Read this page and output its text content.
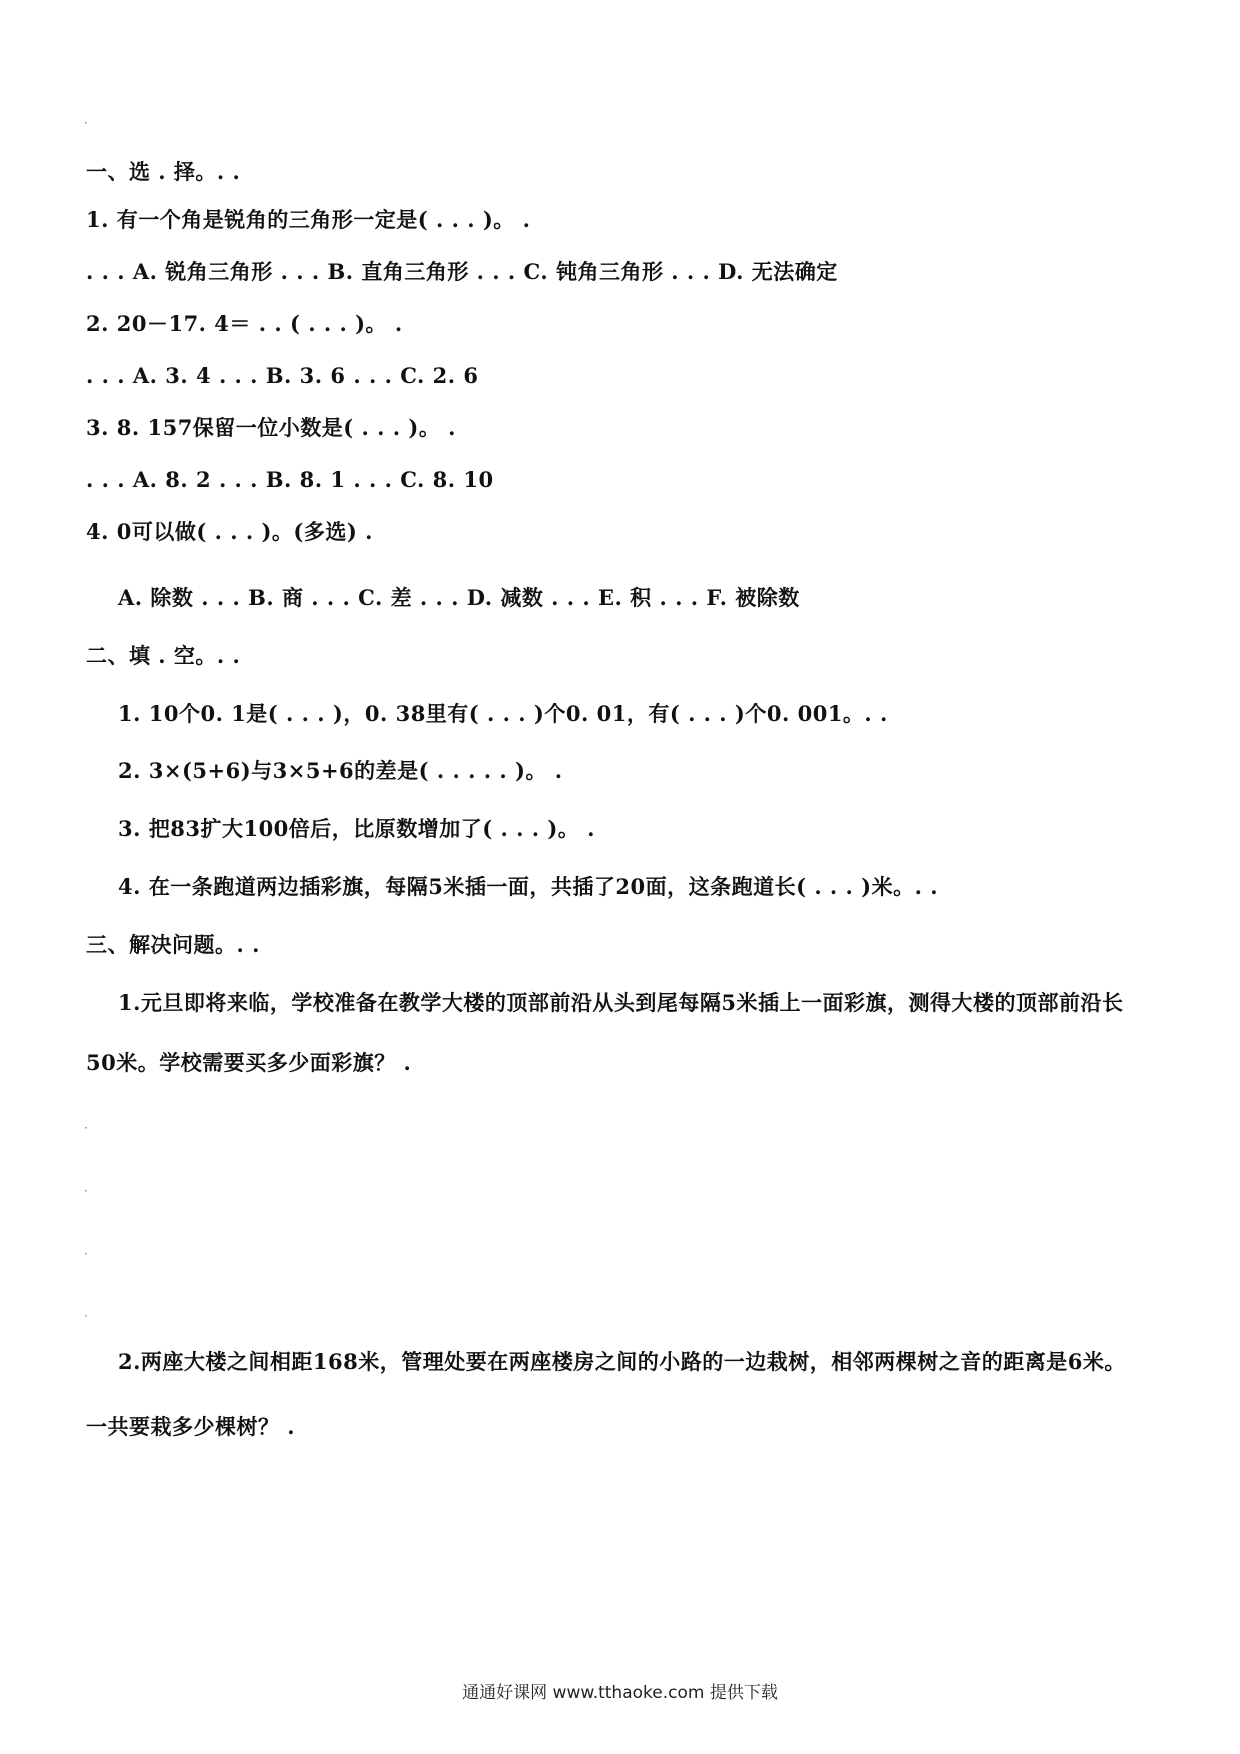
·
一、选 . 择。. .
1. 有一个角是锐角的三角形一定是( . . . )。 .
. . . A. 锐角三角形 . . . B. 直角三角形 . . . C. 钝角三角形 . . . D. 无法确定
2. 20－17. 4＝ . . ( . . . )。 .
. . . A. 3. 4 . . . B. 3. 6 . . . C. 2. 6
3. 8. 157保留一位小数是( . . . )。 .
. . . A. 8. 2 . . . B. 8. 1 . . . C. 8. 10
4. 0可以做( . . . )。(多选) .
A. 除数 . . . B. 商 . . . C. 差 . . . D. 减数 . . . E. 积 . . . F. 被除数
二、填 . 空。. .
1. 10个0. 1是( . . . )，0. 38里有( . . . )个0. 01，有( . . . )个0. 001。. .
2. 3×(5+6)与3×5+6的差是( . . . . . )。 .
3. 把83扩大100倍后，比原数增加了( . . . )。 .
4. 在一条跑道两边插彩旗，每隔5米插一面，共插了20面，这条跑道长( . . . )米。. .
三、解决问题。. .
1.元旦即将来临，学校准备在教学大楼的顶部前沿从头到尾每隔5米插上一面彩旗，测得大楼的顶部前沿长
50米。学校需要买多少面彩旗？ .
·
·
·
·
2.两座大楼之间相距168米，管理处要在两座楼房之间的小路的一边栽树，相邻两棵树之音的距离是6米。
一共要栽多少棵树？ .
通通好课网 www.tthaoke.com 提供下载
